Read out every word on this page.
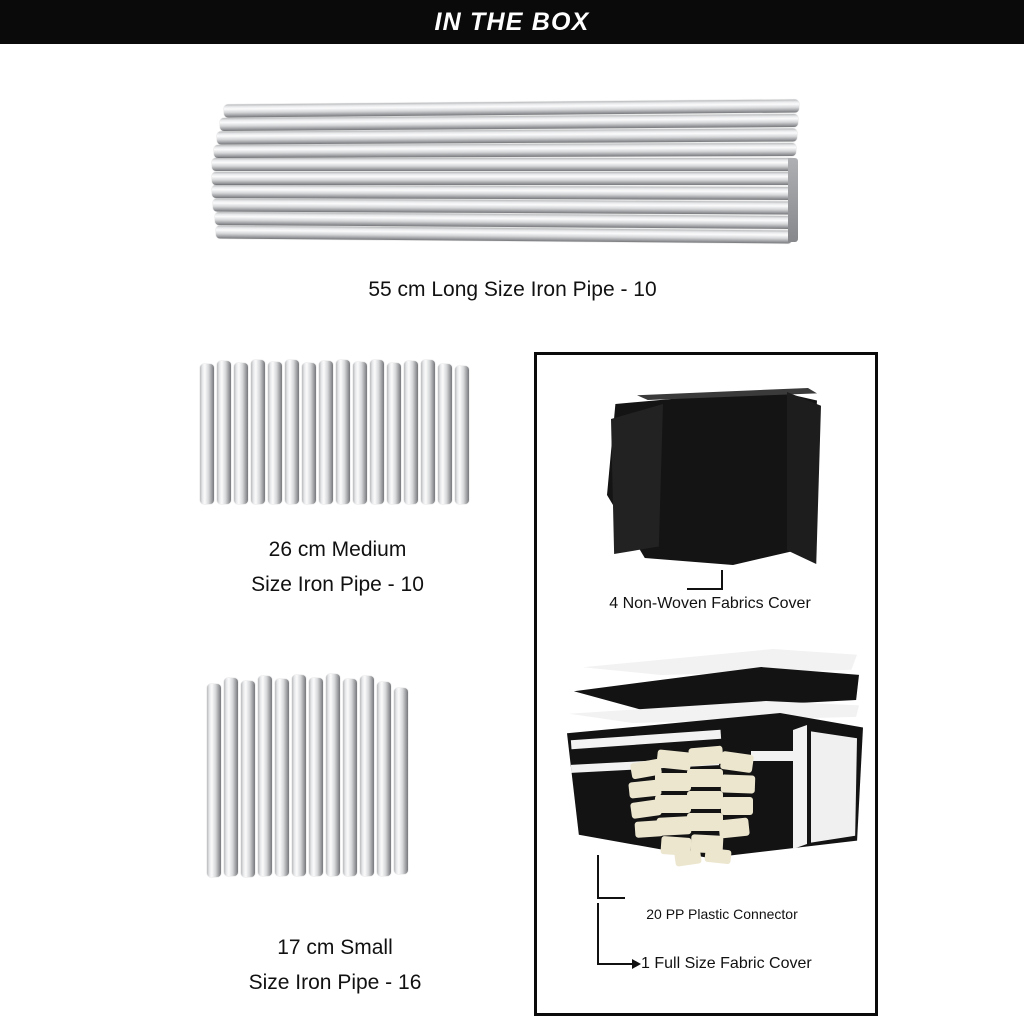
IN THE BOX
55 cm Long Size Iron Pipe - 10
26 cm Medium
Size Iron Pipe - 10
17 cm Small
Size Iron Pipe - 16
4 Non-Woven Fabrics Cover
20 PP Plastic Connector
1 Full Size Fabric Cover
